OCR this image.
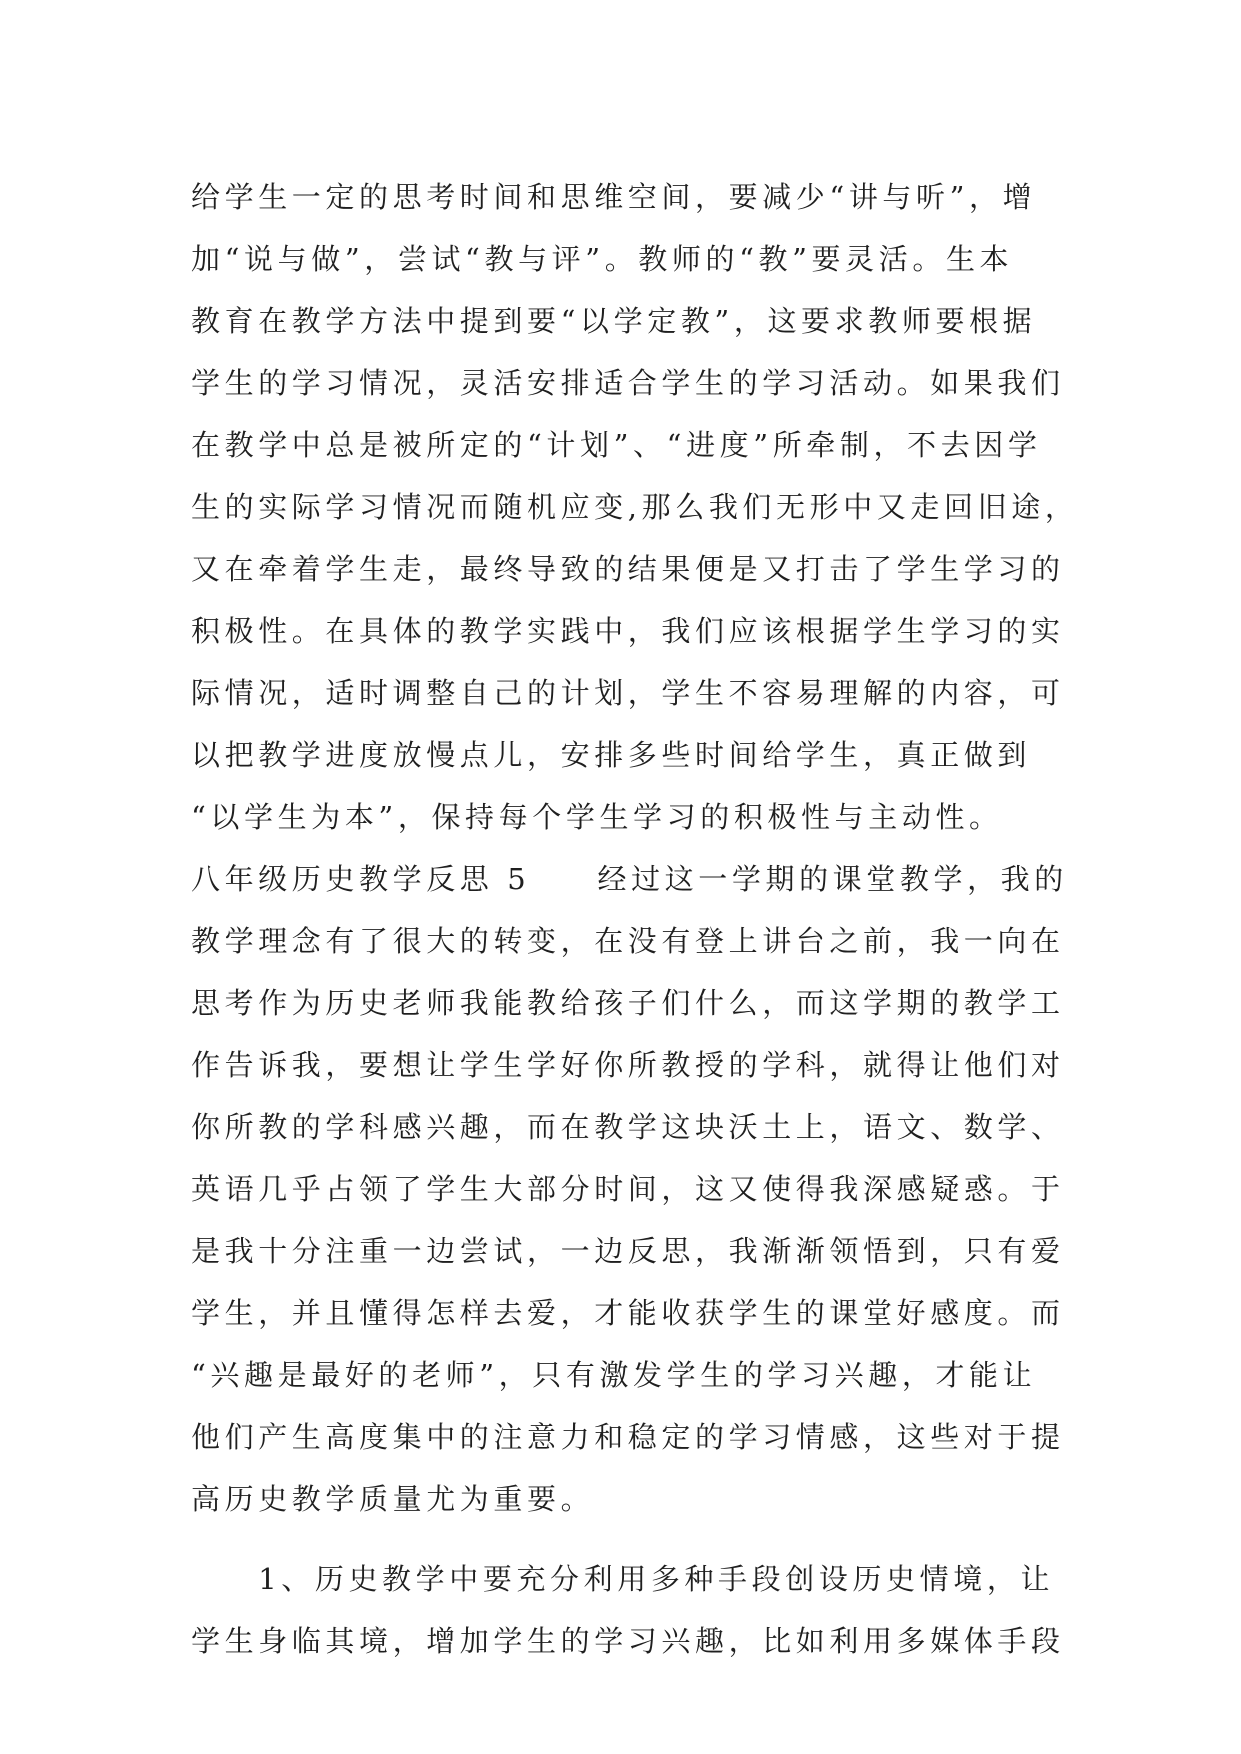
给学生一定的思考时间和思维空间，要减少“讲与听”，增
加“说与做”，尝试“教与评”。教师的“教”要灵活。生本
教育在教学方法中提到要“以学定教”，这要求教师要根据
学生的学习情况，灵活安排适合学生的学习活动。如果我们
在教学中总是被所定的“计划”、“进度”所牵制，不去因学
生的实际学习情况而随机应变,那么我们无形中又走回旧途，
又在牵着学生走，最终导致的结果便是又打击了学生学习的
积极性。在具体的教学实践中，我们应该根据学生学习的实
际情况，适时调整自己的计划，学生不容易理解的内容，可
以把教学进度放慢点儿，安排多些时间给学生，真正做到
“以学生为本”，保持每个学生学习的积极性与主动性。
八年级历史教学反思 5　　经过这一学期的课堂教学，我的
教学理念有了很大的转变，在没有登上讲台之前，我一向在
思考作为历史老师我能教给孩子们什么，而这学期的教学工
作告诉我，要想让学生学好你所教授的学科，就得让他们对
你所教的学科感兴趣，而在教学这块沃土上，语文、数学、
英语几乎占领了学生大部分时间，这又使得我深感疑惑。于
是我十分注重一边尝试，一边反思，我渐渐领悟到，只有爱
学生，并且懂得怎样去爱，才能收获学生的课堂好感度。而
“兴趣是最好的老师”，只有激发学生的学习兴趣，才能让
他们产生高度集中的注意力和稳定的学习情感，这些对于提
高历史教学质量尤为重要。
　　1、历史教学中要充分利用多种手段创设历史情境，让
学生身临其境，增加学生的学习兴趣，比如利用多媒体手段
